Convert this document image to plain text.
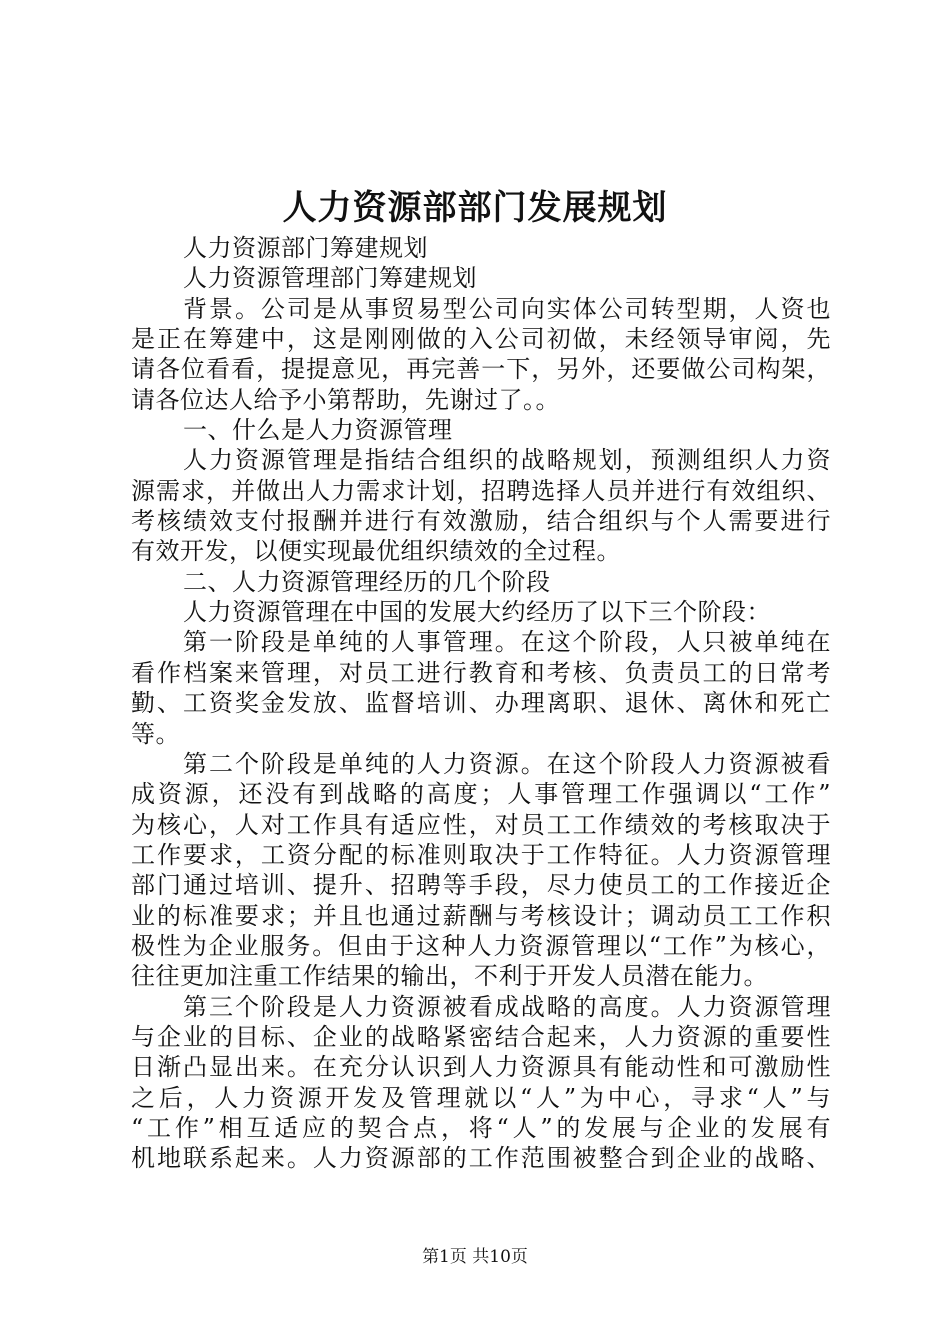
人力资源部部门发展规划
人力资源部门筹建规划
人力资源管理部门筹建规划
背景。公司是从事贸易型公司向实体公司转型期，人资也
是正在筹建中，这是刚刚做的入公司初做，未经领导审阅，先
请各位看看，提提意见，再完善一下，另外，还要做公司构架，
请各位达人给予小第帮助，先谢过了。。
一、什么是人力资源管理
人力资源管理是指结合组织的战略规划，预测组织人力资
源需求，并做出人力需求计划，招聘选择人员并进行有效组织、
考核绩效支付报酬并进行有效激励，结合组织与个人需要进行
有效开发，以便实现最优组织绩效的全过程。
二、人力资源管理经历的几个阶段
人力资源管理在中国的发展大约经历了以下三个阶段：
第一阶段是单纯的人事管理。在这个阶段，人只被单纯在
看作档案来管理，对员工进行教育和考核、负责员工的日常考
勤、工资奖金发放、监督培训、办理离职、退休、离休和死亡
等。
第二个阶段是单纯的人力资源。在这个阶段人力资源被看
成资源，还没有到战略的高度；人事管理工作强调以“工作”
为核心，人对工作具有适应性，对员工工作绩效的考核取决于
工作要求，工资分配的标准则取决于工作特征。人力资源管理
部门通过培训、提升、招聘等手段，尽力使员工的工作接近企
业的标准要求；并且也通过薪酬与考核设计；调动员工工作积
极性为企业服务。但由于这种人力资源管理以“工作”为核心，
往往更加注重工作结果的输出，不利于开发人员潜在能力。
第三个阶段是人力资源被看成战略的高度。人力资源管理
与企业的目标、企业的战略紧密结合起来，人力资源的重要性
日渐凸显出来。在充分认识到人力资源具有能动性和可激励性
之后，人力资源开发及管理就以“人”为中心，寻求“人”与
“工作”相互适应的契合点，将“人”的发展与企业的发展有
机地联系起来。人力资源部的工作范围被整合到企业的战略、
第1页 共10页
